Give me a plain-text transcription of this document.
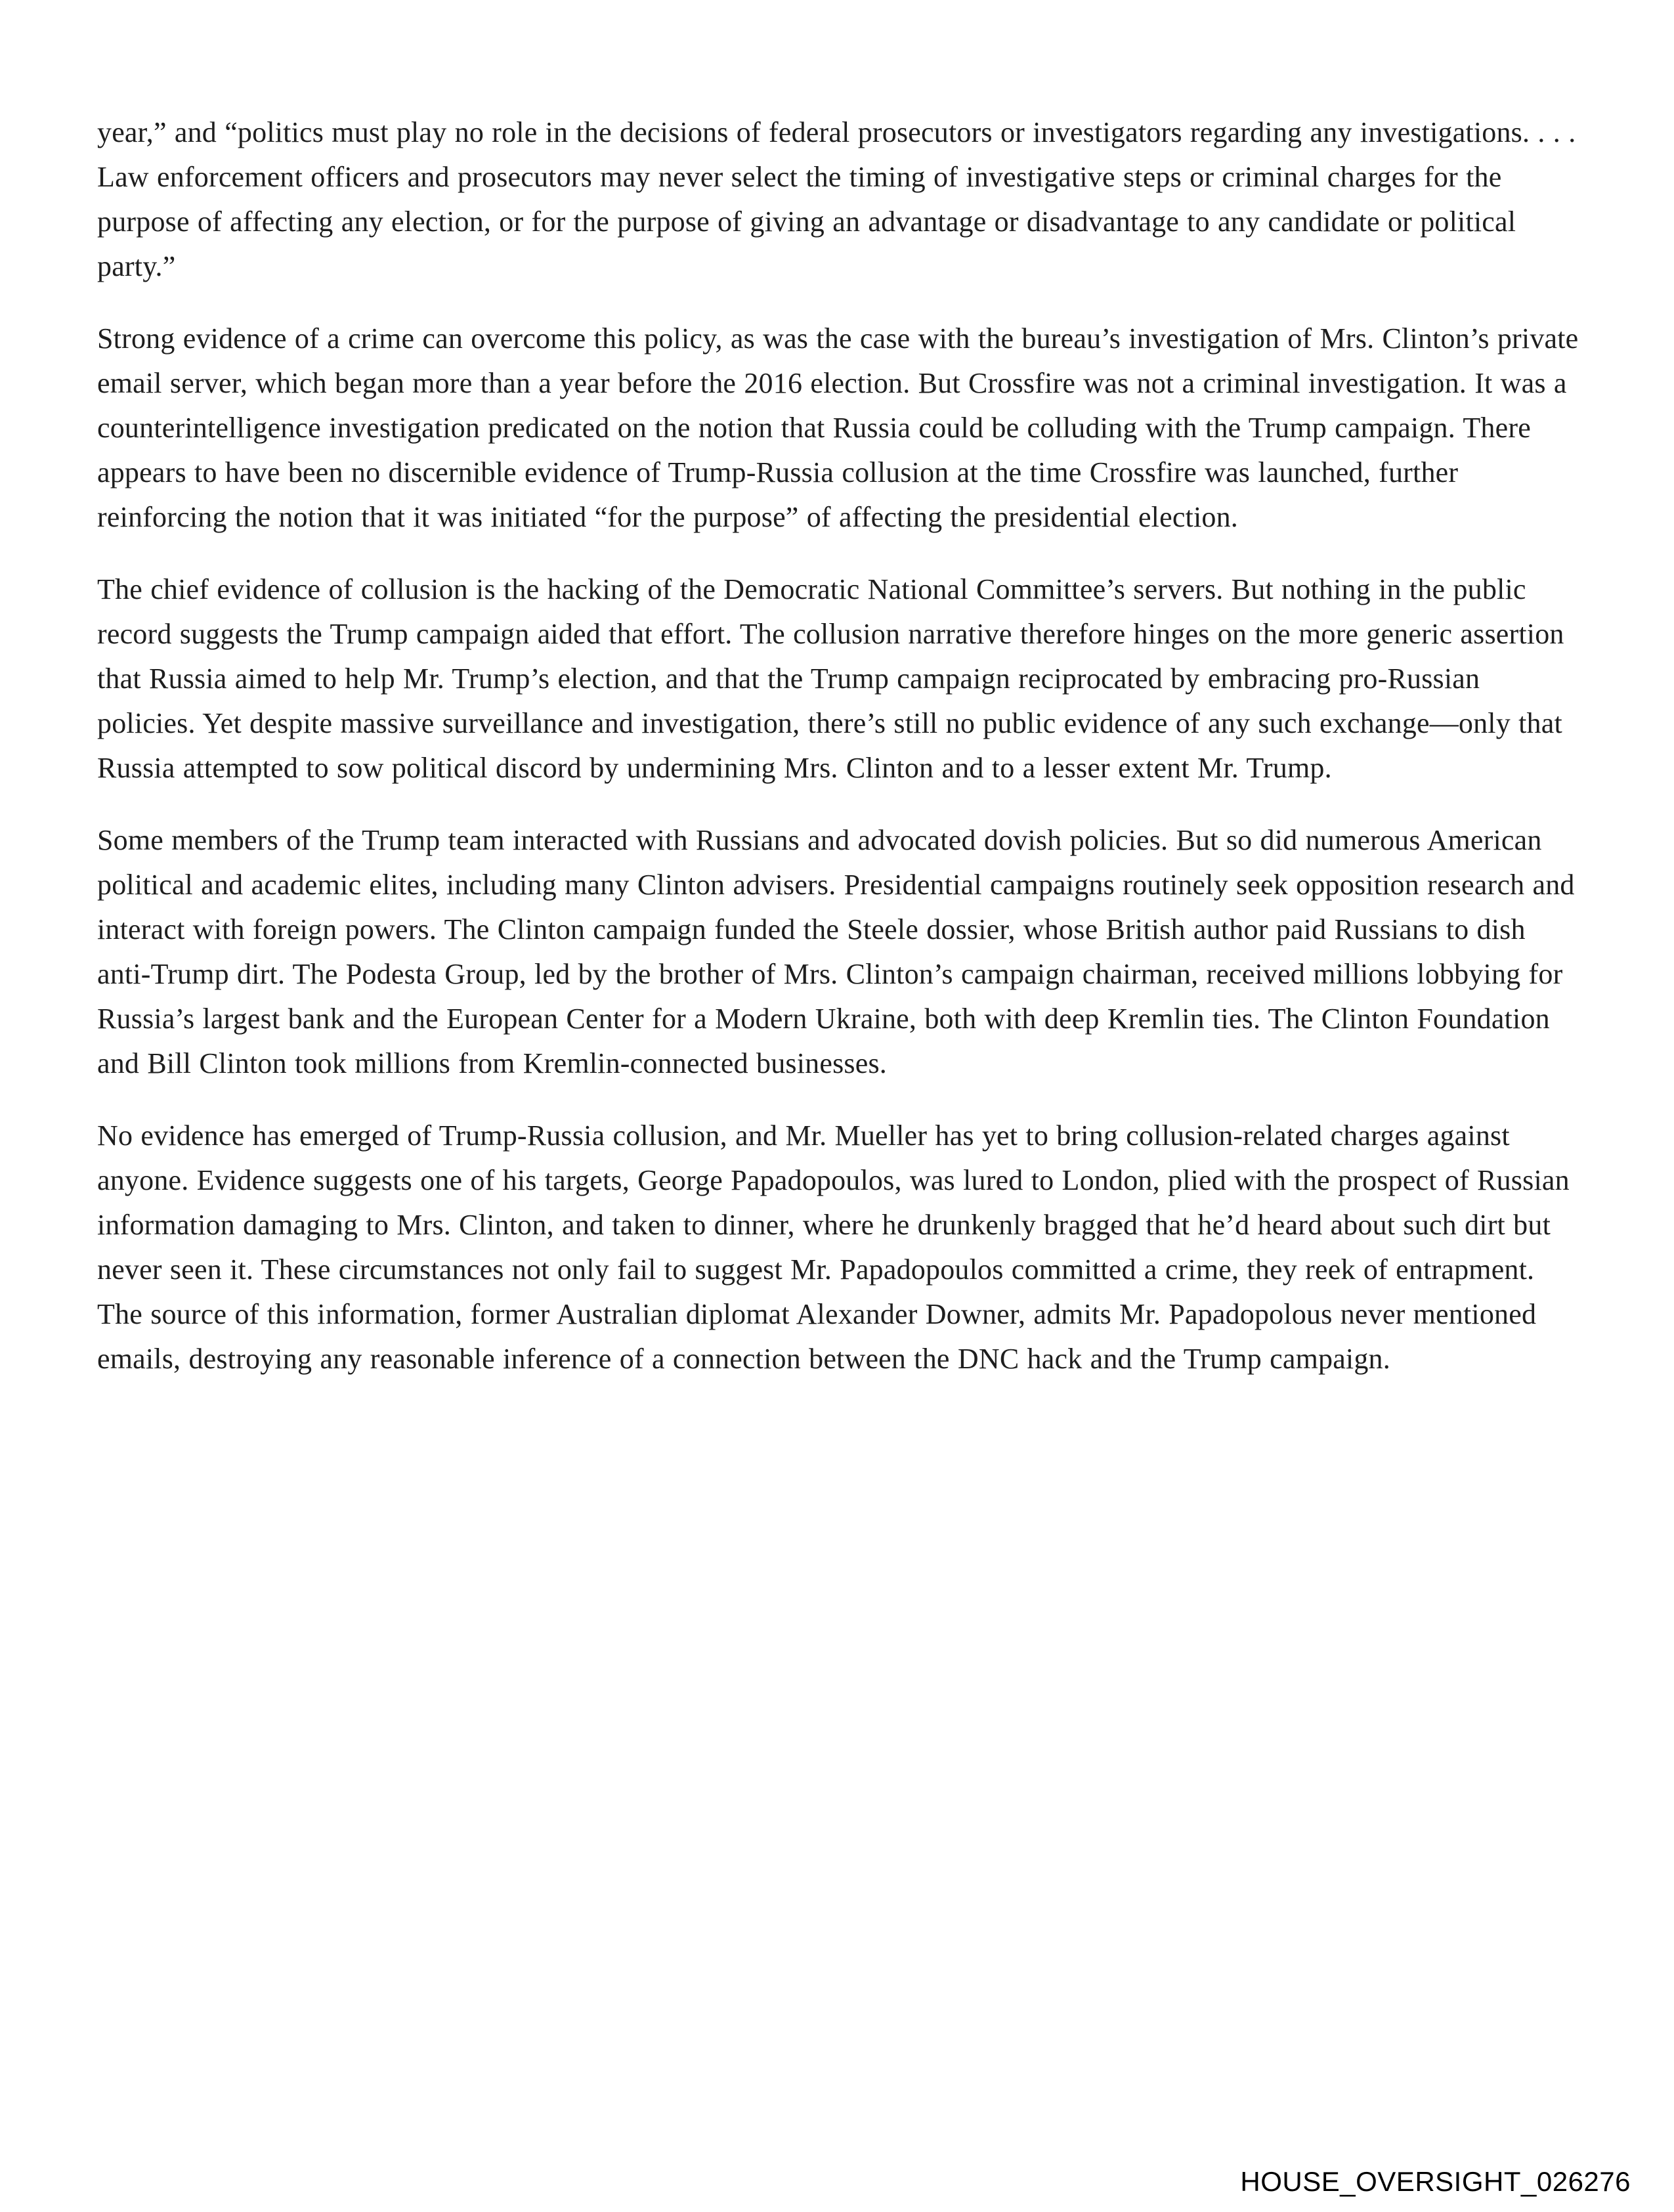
year,” and “politics must play no role in the decisions of federal prosecutors or investigators regarding any investigations. . . . Law enforcement officers and prosecutors may never select the timing of investigative steps or criminal charges for the purpose of affecting any election, or for the purpose of giving an advantage or disadvantage to any candidate or political party.”

Strong evidence of a crime can overcome this policy, as was the case with the bureau’s investigation of Mrs. Clinton’s private email server, which began more than a year before the 2016 election. But Crossfire was not a criminal investigation. It was a counterintelligence investigation predicated on the notion that Russia could be colluding with the Trump campaign. There appears to have been no discernible evidence of Trump-Russia collusion at the time Crossfire was launched, further reinforcing the notion that it was initiated “for the purpose” of affecting the presidential election.

The chief evidence of collusion is the hacking of the Democratic National Committee’s servers. But nothing in the public record suggests the Trump campaign aided that effort. The collusion narrative therefore hinges on the more generic assertion that Russia aimed to help Mr. Trump’s election, and that the Trump campaign reciprocated by embracing pro-Russian policies. Yet despite massive surveillance and investigation, there’s still no public evidence of any such exchange—only that Russia attempted to sow political discord by undermining Mrs. Clinton and to a lesser extent Mr. Trump.

Some members of the Trump team interacted with Russians and advocated dovish policies. But so did numerous American political and academic elites, including many Clinton advisers. Presidential campaigns routinely seek opposition research and interact with foreign powers. The Clinton campaign funded the Steele dossier, whose British author paid Russians to dish anti-Trump dirt. The Podesta Group, led by the brother of Mrs. Clinton’s campaign chairman, received millions lobbying for Russia’s largest bank and the European Center for a Modern Ukraine, both with deep Kremlin ties. The Clinton Foundation and Bill Clinton took millions from Kremlin-connected businesses.

No evidence has emerged of Trump-Russia collusion, and Mr. Mueller has yet to bring collusion-related charges against anyone. Evidence suggests one of his targets, George Papadopoulos, was lured to London, plied with the prospect of Russian information damaging to Mrs. Clinton, and taken to dinner, where he drunkenly bragged that he’d heard about such dirt but never seen it. These circumstances not only fail to suggest Mr. Papadopoulos committed a crime, they reek of entrapment. The source of this information, former Australian diplomat Alexander Downer, admits Mr. Papadopolous never mentioned emails, destroying any reasonable inference of a connection between the DNC hack and the Trump campaign.

HOUSE_OVERSIGHT_026276
